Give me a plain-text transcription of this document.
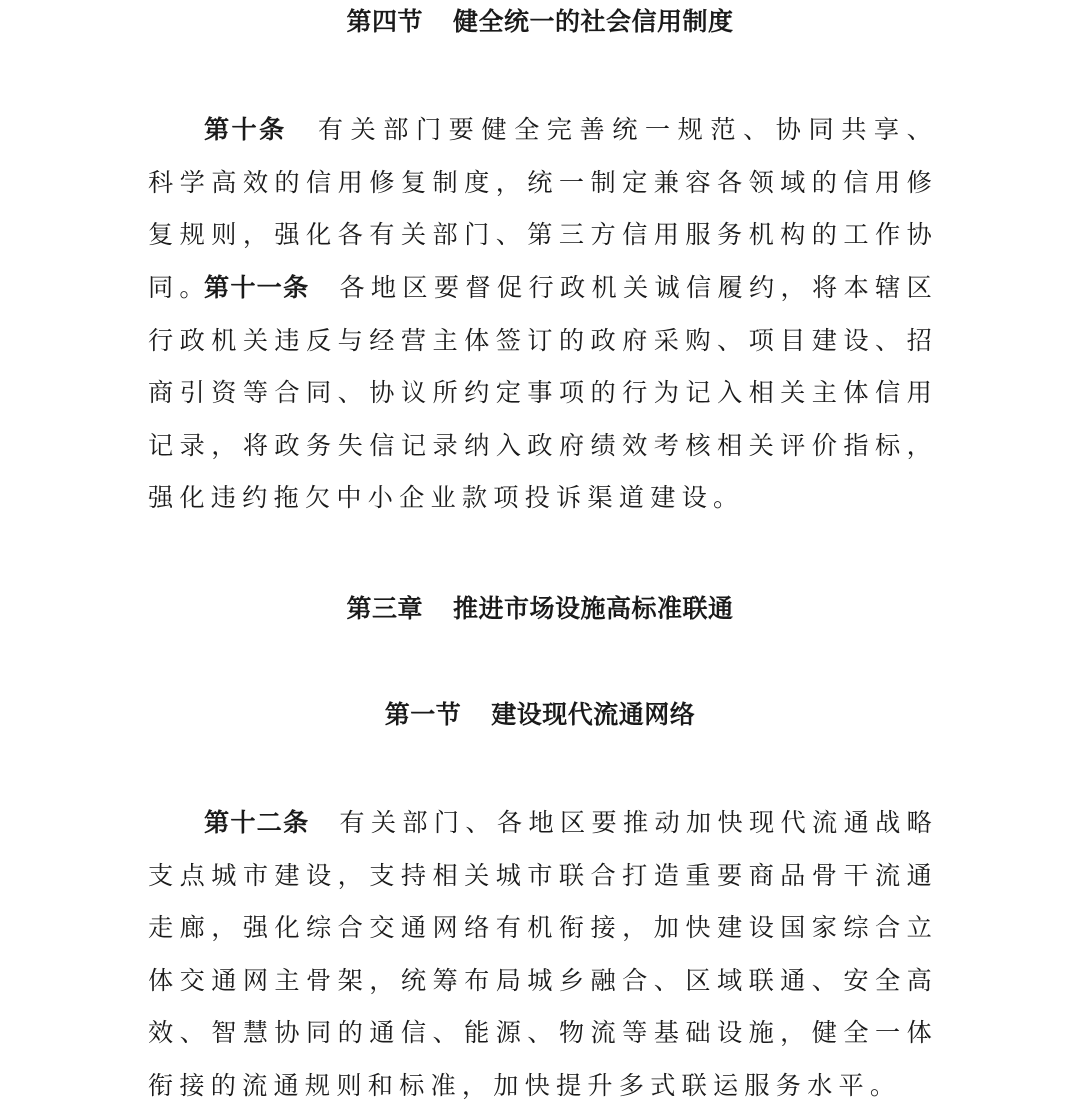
第四节 健全统一的社会信用制度

第十条 有关部门要健全完善统一规范、协同共享、科学高效的信用修复制度，统一制定兼容各领域的信用修复规则，强化各有关部门、第三方信用服务机构的工作协同。

第十一条 各地区要督促行政机关诚信履约，将本辖区行政机关违反与经营主体签订的政府采购、项目建设、招商引资等合同、协议所约定事项的行为记入相关主体信用记录，将政务失信记录纳入政府绩效考核相关评价指标，强化违约拖欠中小企业款项投诉渠道建设。

第三章 推进市场设施高标准联通
第一节 建设现代流通网络

第十二条 有关部门、各地区要推动加快现代流通战略支点城市建设，支持相关城市联合打造重要商品骨干流通走廊，强化综合交通网络有机衔接，加快建设国家综合立体交通网主骨架，统筹布局城乡融合、区域联通、安全高效、智慧协同的通信、能源、物流等基础设施，健全一体衔接的流通规则和标准，加快提升多式联运服务水平。
